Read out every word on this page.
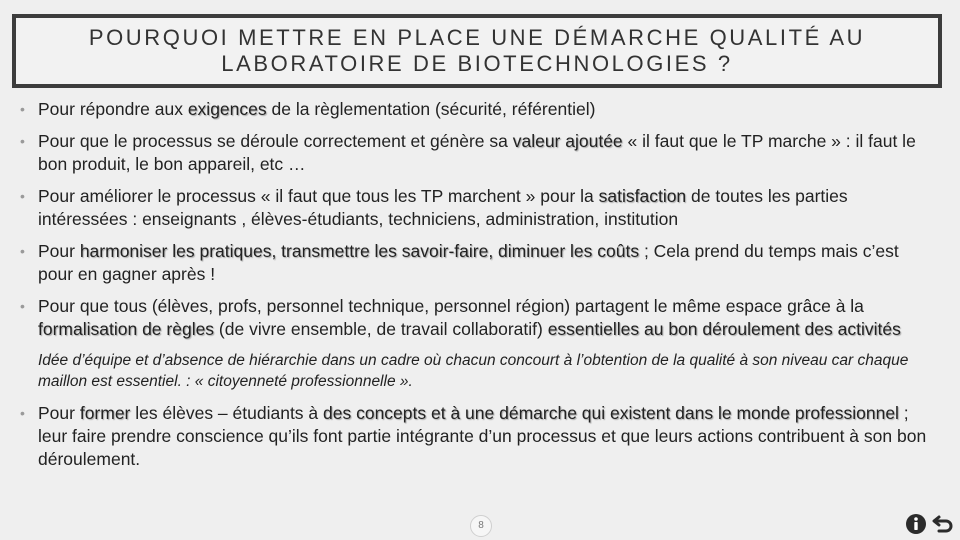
POURQUOI METTRE EN PLACE UNE DÉMARCHE QUALITÉ AU
LABORATOIRE DE BIOTECHNOLOGIES ?
• Pour répondre aux exigences de la règlementation (sécurité, référentiel)
• Pour que le processus se déroule correctement et génère sa valeur ajoutée « il faut que le TP marche » : il faut le bon produit, le bon appareil, etc …
• Pour améliorer le processus « il faut que tous les TP marchent » pour la satisfaction de toutes les parties intéressées : enseignants , élèves-étudiants, techniciens, administration, institution
• Pour harmoniser les pratiques, transmettre les savoir-faire, diminuer les coûts ; Cela prend du temps mais c’est pour en gagner après !
• Pour que tous (élèves, profs, personnel technique, personnel région) partagent le même espace grâce à la formalisation de règles (de vivre ensemble, de travail collaboratif) essentielles au bon déroulement des activités
Idée d’équipe et d’absence de hiérarchie dans un cadre où chacun concourt à l’obtention de la qualité à son niveau car chaque maillon est essentiel. : « citoyenneté professionnelle ».
• Pour former les élèves – étudiants à des concepts et à une démarche qui existent dans le monde professionnel ; leur faire prendre conscience qu’ils font partie intégrante d’un processus et que leurs actions contribuent à son bon déroulement.
8
